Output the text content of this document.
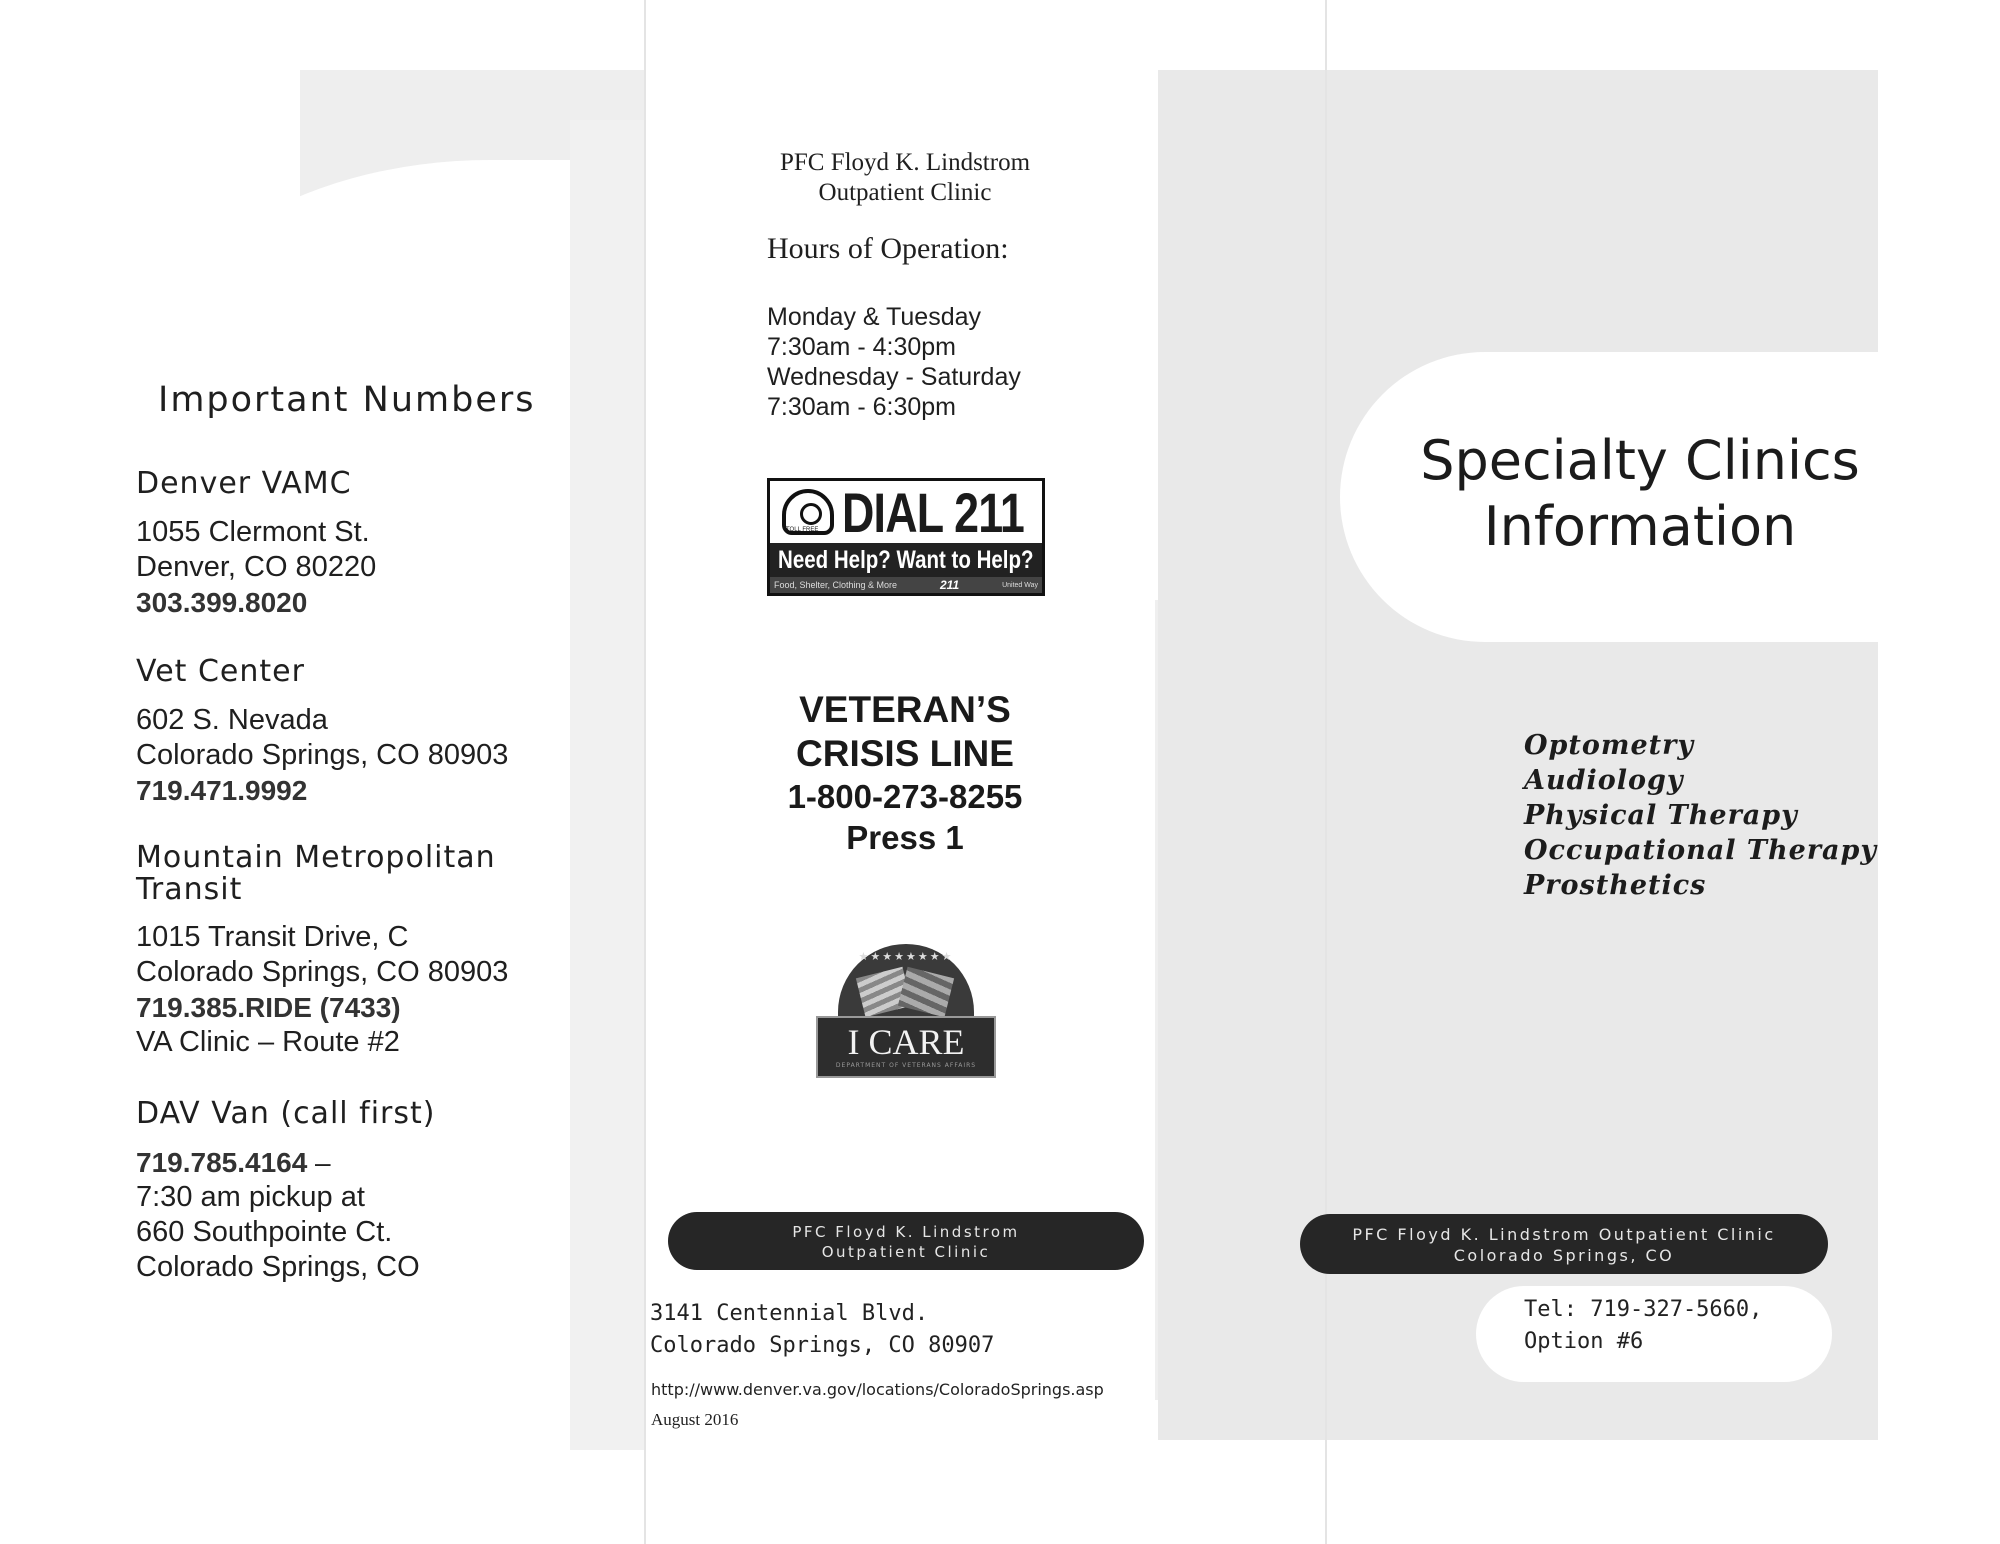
Important Numbers
Denver VAMC
1055 Clermont St.
Denver, CO 80220
303.399.8020
Vet Center
602 S. Nevada
Colorado Springs, CO 80903
719.471.9992
Mountain Metropolitan
Transit
1015 Transit Drive, C
Colorado Springs, CO 80903
719.385.RIDE (7433)
VA Clinic – Route #2
DAV Van (call first)
719.785.4164 –
7:30 am pickup at
660 Southpointe Ct.
Colorado Springs, CO
PFC Floyd K. Lindstrom
Outpatient Clinic
Hours of Operation:
Monday & Tuesday
7:30am - 4:30pm
Wednesday - Saturday
7:30am - 6:30pm
DIAL 211
Need Help? Want to Help?
Food, Shelter, Clothing & More	211	United Way
TOLL FREE
VETERAN’S
CRISIS LINE
1-800-273-8255
Press 1
★★★★★★★★
I CARE
DEPARTMENT OF VETERANS AFFAIRS
PFC Floyd K. Lindstrom
Outpatient Clinic
3141 Centennial Blvd.
Colorado Springs, CO 80907
http://www.denver.va.gov/locations/ColoradoSprings.asp
August 2016
Specialty Clinics
Information
Optometry
Audiology
Physical Therapy
Occupational Therapy
Prosthetics
PFC Floyd K. Lindstrom Outpatient Clinic
Colorado Springs, CO
Tel: 719-327-5660,
Option #6
